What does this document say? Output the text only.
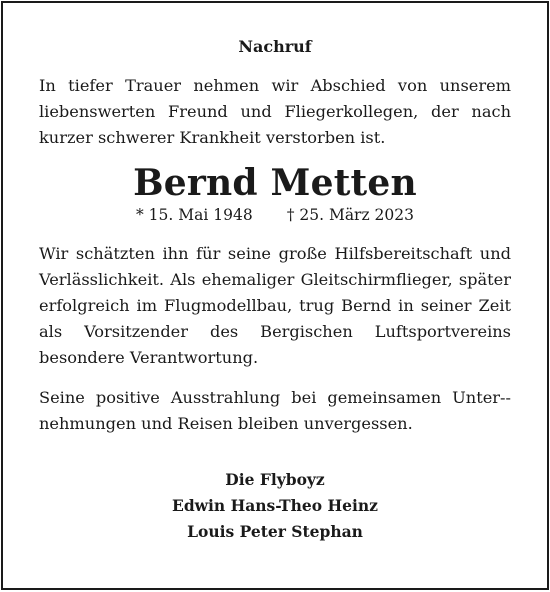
Nachruf

In tiefer Trauer nehmen wir Abschied von unserem liebenswerten Freund und Fliegerkollegen, der nach kurzer schwerer Krankheit verstorben ist.

Bernd Metten
* 15. Mai 1948 † 25. März 2023

Wir schätzten ihn für seine große Hilfsbereitschaft und Verlässlichkeit. Als ehemaliger Gleitschirmflieger, später erfolgreich im Flugmodellbau, trug Bernd in seiner Zeit als Vorsitzender des Bergischen Luftsportvereins besondere Verantwortung.

Seine positive Ausstrahlung bei gemeinsamen Unter-nehmungen und Reisen bleiben unvergessen.

Die Flyboyz
Edwin Hans-Theo Heinz
Louis Peter Stephan
